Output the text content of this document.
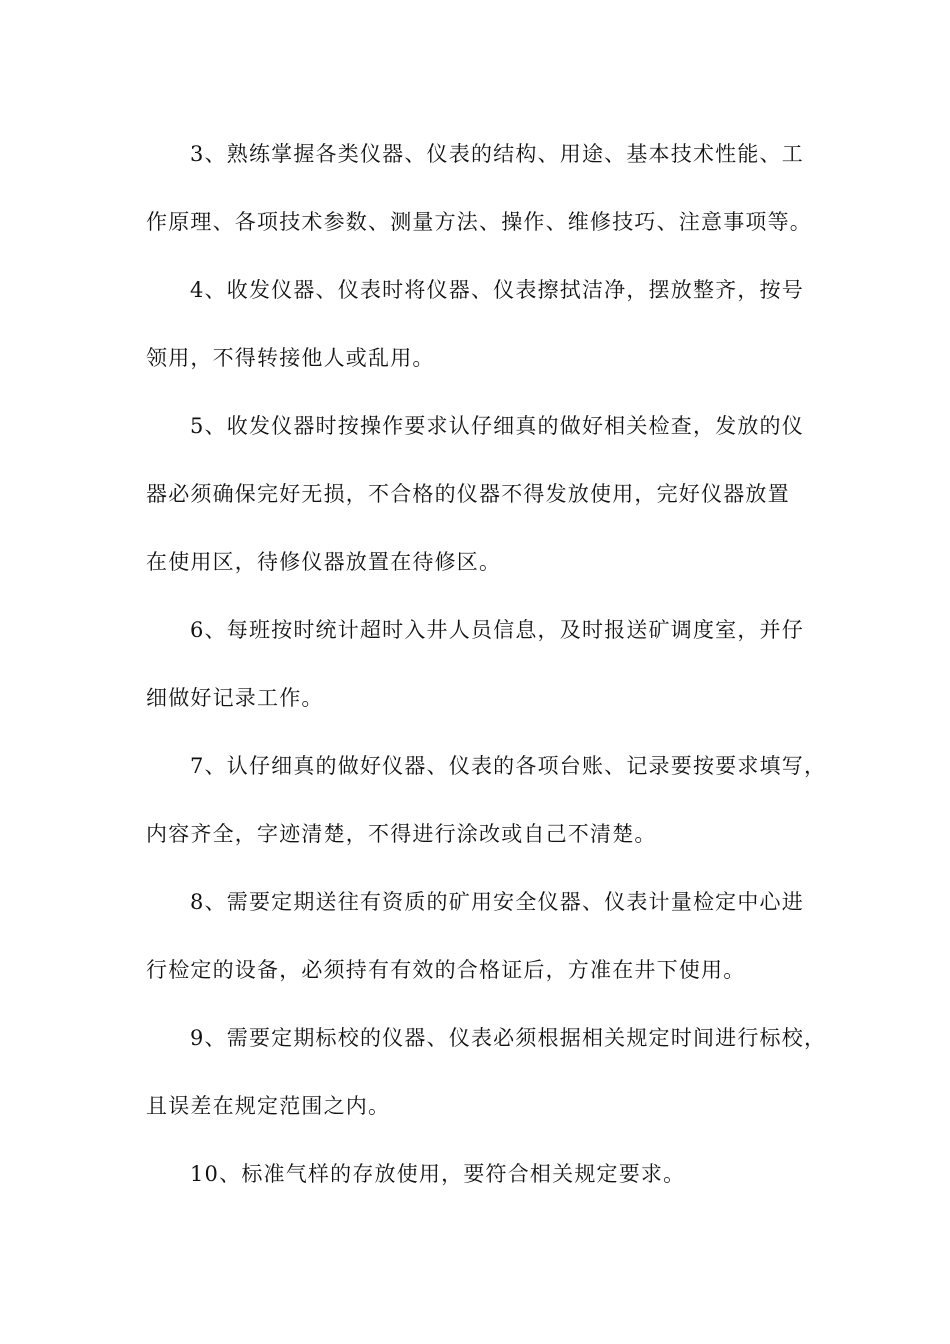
3、熟练掌握各类仪器、仪表的结构、用途、基本技术性能、工
作原理、各项技术参数、测量方法、操作、维修技巧、注意事项等。
4、收发仪器、仪表时将仪器、仪表擦拭洁净，摆放整齐，按号
领用，不得转接他人或乱用。
5、收发仪器时按操作要求认仔细真的做好相关检查，发放的仪
器必须确保完好无损，不合格的仪器不得发放使用，完好仪器放置
在使用区，待修仪器放置在待修区。
6、每班按时统计超时入井人员信息，及时报送矿调度室，并仔
细做好记录工作。
7、认仔细真的做好仪器、仪表的各项台账、记录要按要求填写，
内容齐全，字迹清楚，不得进行涂改或自己不清楚。
8、需要定期送往有资质的矿用安全仪器、仪表计量检定中心进
行检定的设备，必须持有有效的合格证后，方准在井下使用。
9、需要定期标校的仪器、仪表必须根据相关规定时间进行标校，
且误差在规定范围之内。
10、标准气样的存放使用，要符合相关规定要求。
